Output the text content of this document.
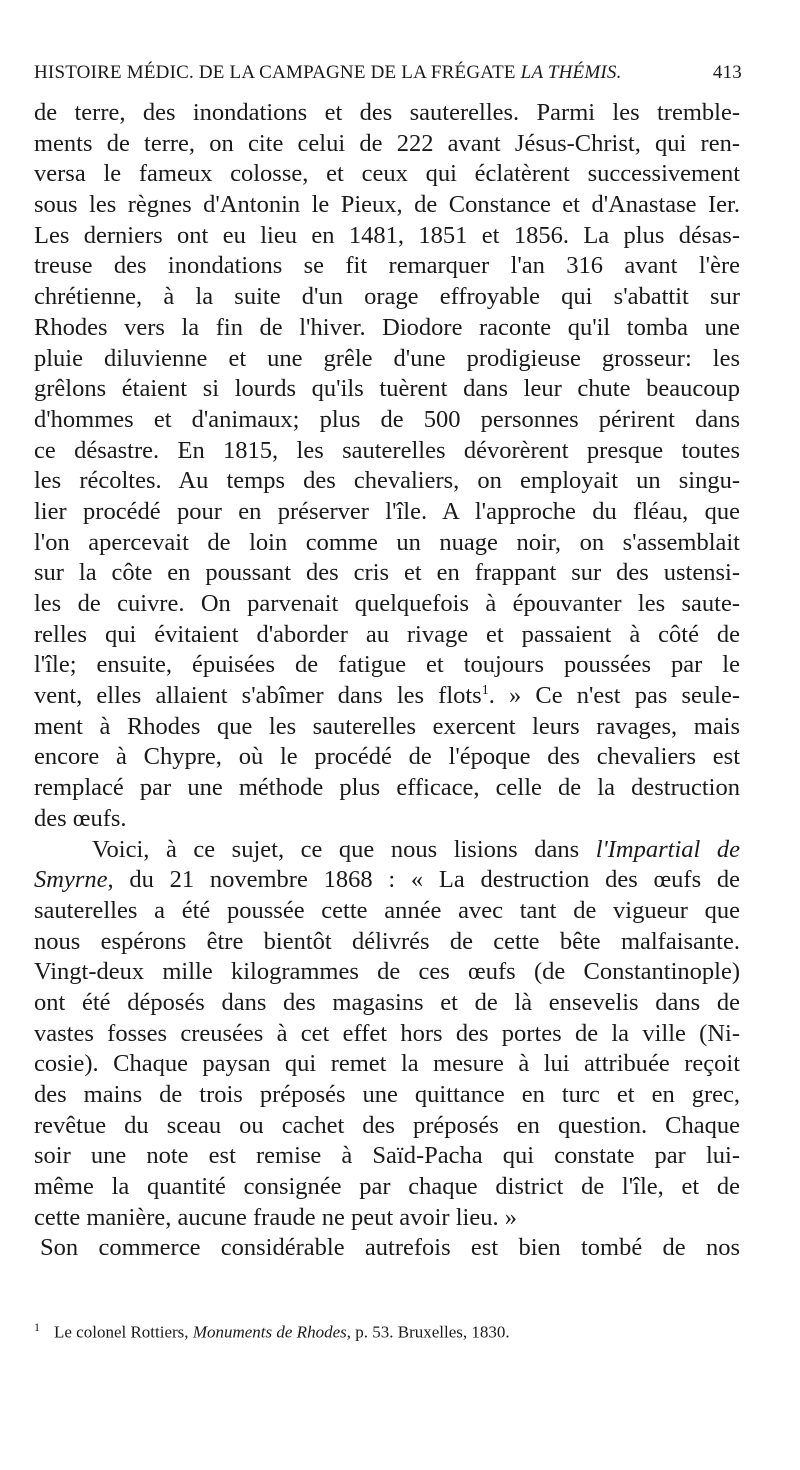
HISTOIRE MÉDIC. DE LA CAMPAGNE DE LA FRÉGATE LA THÉMIS.	413
de terre, des inondations et des sauterelles. Parmi les tremble-
ments de terre, on cite celui de 222 avant Jésus-Christ, qui ren-
versa le fameux colosse, et ceux qui éclatèrent successivement
sous les règnes d'Antonin le Pieux, de Constance et d'Anastase Ier.
Les derniers ont eu lieu en 1481, 1851 et 1856. La plus désas-
treuse des inondations se fit remarquer l'an 316 avant l'ère
chrétienne, à la suite d'un orage effroyable qui s'abattit sur
Rhodes vers la fin de l'hiver. Diodore raconte qu'il tomba une
pluie diluvienne et une grêle d'une prodigieuse grosseur: les
grêlons étaient si lourds qu'ils tuèrent dans leur chute beaucoup
d'hommes et d'animaux; plus de 500 personnes périrent dans
ce désastre. En 1815, les sauterelles dévorèrent presque toutes
les récoltes. Au temps des chevaliers, on employait un singu-
lier procédé pour en préserver l'île. A l'approche du fléau, que
l'on apercevait de loin comme un nuage noir, on s'assemblait
sur la côte en poussant des cris et en frappant sur des ustensi-
les de cuivre. On parvenait quelquefois à épouvanter les saute-
relles qui évitaient d'aborder au rivage et passaient à côté de
l'île; ensuite, épuisées de fatigue et toujours poussées par le
vent, elles allaient s'abîmer dans les flots$^1$. » Ce n'est pas seule-
ment à Rhodes que les sauterelles exercent leurs ravages, mais
encore à Chypre, où le procédé de l'époque des chevaliers est
remplacé par une méthode plus efficace, celle de la destruction
des œufs.
Voici, à ce sujet, ce que nous lisions dans l'Impartial de
Smyrne, du 21 novembre 1868 : « La destruction des œufs de
sauterelles a été poussée cette année avec tant de vigueur que
nous espérons être bientôt délivrés de cette bête malfaisante.
Vingt-deux mille kilogrammes de ces œufs (de Constantinople)
ont été déposés dans des magasins et de là ensevelis dans de
vastes fosses creusées à cet effet hors des portes de la ville (Ni-
cosie). Chaque paysan qui remet la mesure à lui attribuée reçoit
des mains de trois préposés une quittance en turc et en grec,
revêtue du sceau ou cachet des préposés en question. Chaque
soir une note est remise à Saïd-Pacha qui constate par lui-
même la quantité consignée par chaque district de l'île, et de
cette manière, aucune fraude ne peut avoir lieu. »
Son commerce considérable autrefois est bien tombé de nos
$^1$ Le colonel Rottiers, Monuments de Rhodes, p. 53. Bruxelles, 1830.
